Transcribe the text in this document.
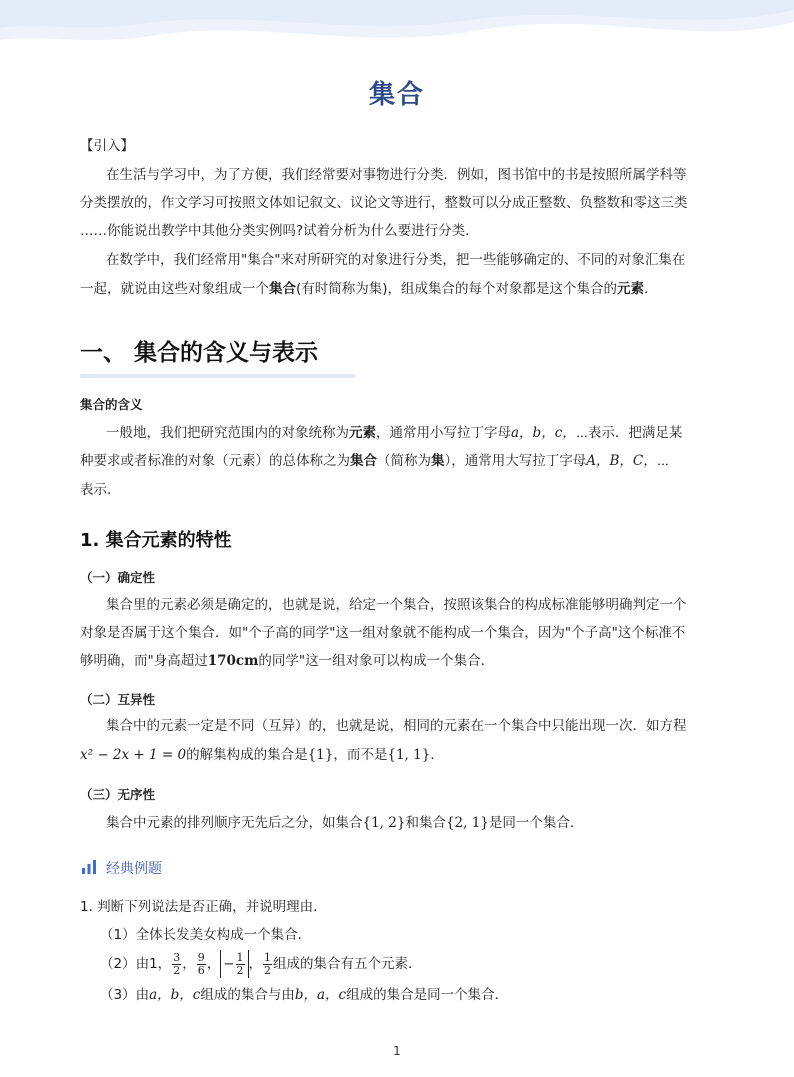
集合
【引入】
在生活与学习中，为了方便，我们经常要对事物进行分类．例如，图书馆中的书是按照所属学科等
分类摆放的，作文学习可按照文体如记叙文、议论文等进行，整数可以分成正整数、负整数和零这三类
……你能说出教学中其他分类实例吗?试着分析为什么要进行分类．
在数学中，我们经常用"集合"来对所研究的对象进行分类，把一些能够确定的、不同的对象汇集在
一起，就说由这些对象组成一个集合(有时简称为集)，组成集合的每个对象都是这个集合的元素．
一、 集合的含义与表示
集合的含义
一般地，我们把研究范围内的对象统称为元素，通常用小写拉丁字母a，b，c，⋯表示．把满足某
种要求或者标准的对象（元素）的总体称之为集合（简称为集），通常用大写拉丁字母A，B，C，⋯
表示．
1. 集合元素的特性
（一）确定性
集合里的元素必须是确定的，也就是说，给定一个集合，按照该集合的构成标准能够明确判定一个
对象是否属于这个集合．如"个子高的同学"这一组对象就不能构成一个集合，因为"个子高"这个标准不
够明确，而"身高超过170cm的同学"这一组对象可以构成一个集合．
（二）互异性
集合中的元素一定是不同（互异）的，也就是说，相同的元素在一个集合中只能出现一次．如方程
x² − 2x + 1 = 0的解集构成的集合是{1}，而不是{1, 1}．
（三）无序性
集合中元素的排列顺序无先后之分，如集合{1, 2}和集合{2, 1}是同一个集合．
经典例题
1. 判断下列说法是否正确，并说明理由．
（1）全体长发美女构成一个集合．
（2）由1， $\frac{3}{2}$ ， $\frac{9}{6}$ ， − $\frac{1}{2}$ ， $\frac{1}{2}$ 组成的集合有五个元素．
（3）由a，b，c组成的集合与由b，a，c组成的集合是同一个集合．
1
